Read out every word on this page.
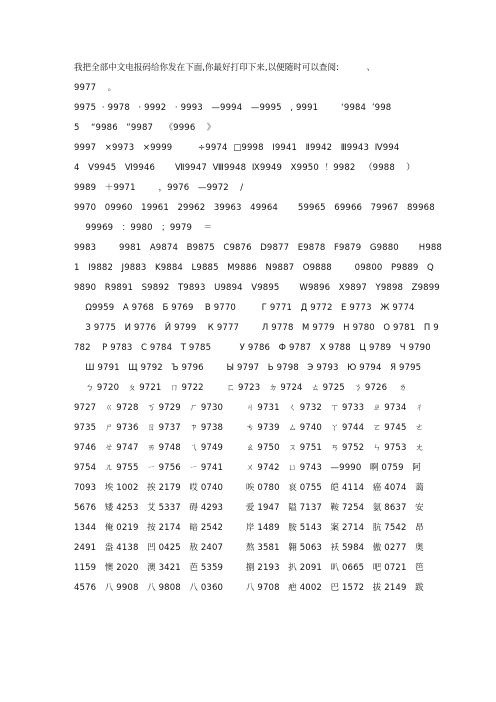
我把全部中文电报码给你发在下面,你最好打印下来,以便随时可以查阅:          、
9977    。
9975  · 9978   · 9992   · 9993   —9994   —9995   ‚ 9991        ‘9984  ’998
5    “9986   ”9987    《9996    》
9997   ×9973   ×9999         ÷9974  □9998   Ⅰ9941   Ⅱ9942   Ⅲ9943  Ⅳ994
4   Ⅴ9945   Ⅵ9946       Ⅶ9947  Ⅷ9948  Ⅸ9949   Ⅹ9950  ！9982   （9988    ）
9989   ＋9971        ，9976   —9972    /
9970   09960   19961   29962   39963   49964       59965   69966   79967   89968
99969   ：9980   ；9979    ＝
9983        9981   A9874   B9875   C9876   D9877   E9878   F9879   G9880       H988
1   I9882   J9883   K9884   L9885   M9886   N9887   O9888        09800   P9889   Q
9890   R9891   S9892   T9893   U9894   V9895       W9896   X9897   Y9898   Z9899
Ω9959   A 9768   Б 9769    В 9770         Г 9771   Д 9772   Е 9773   Ж 9774
З 9775   И 9776   Й 9799    К 9777        Л 9778   М 9779   Н 9780   О 9781   П 9
782    Р 9783   С 9784   Т 9785          У 9786   Ф 9787   Х 9788   Ц 9789   Ч 9790
Ш 9791   Щ 9792   Ъ 9796        Ы 9797   Ь 9798   Э 9793   Ю 9794   Я 9795
ㄅ 9720   ㄆ 9721   ㄇ 9722        ㄈ 9723   ㄉ 9724   ㄊ 9725   ㄋ 9726    ㄌ
9727   ㄍ 9728   ㄎ 9729   ㄏ 9730        ㄐ 9731   ㄑ 9732   ㄒ 9733   ㄓ 9734   ㄔ
9735   ㄕ 9736   ㄖ 9737   ㄗ 9738        ㄘ 9739   ㄙ 9740   ㄚ 9744   ㄛ 9745   ㄜ
9746   ㄝ 9747   ㄞ 9748   ㄟ 9749        ㄠ 9750   ㄡ 9751   ㄢ 9752   ㄣ 9753   ㄤ
9754   ㄦ 9755   ㄧ 9756   ㄧ 9741        ㄨ 9742   ㄩ 9743   —9990   啊 0759   阿
7093   埃 1002   挨 2179   哎 0740        唉 0780   哀 0755   皑 4114   癌 4074   蔼
5676   矮 4253   艾 5337   碍 4293        爱 1947   隘 7137   鞍 7254   氨 8637   安
1344   俺 0219   按 2174   暗 2542        岸 1489   胺 5143   案 2714   肮 7542   昂
2491   盎 4138   凹 0425   敖 2407        熬 3581   翱 5063   袄 5984   傲 0277   奥
1159   懊 2020   澳 3421   芭 5359        捌 2193   扒 2091   叭 0665   吧 0721   笆
4576   八 9908   八 9808   八 0360        八 9708   疤 4002   巴 1572   拔 2149   跋
